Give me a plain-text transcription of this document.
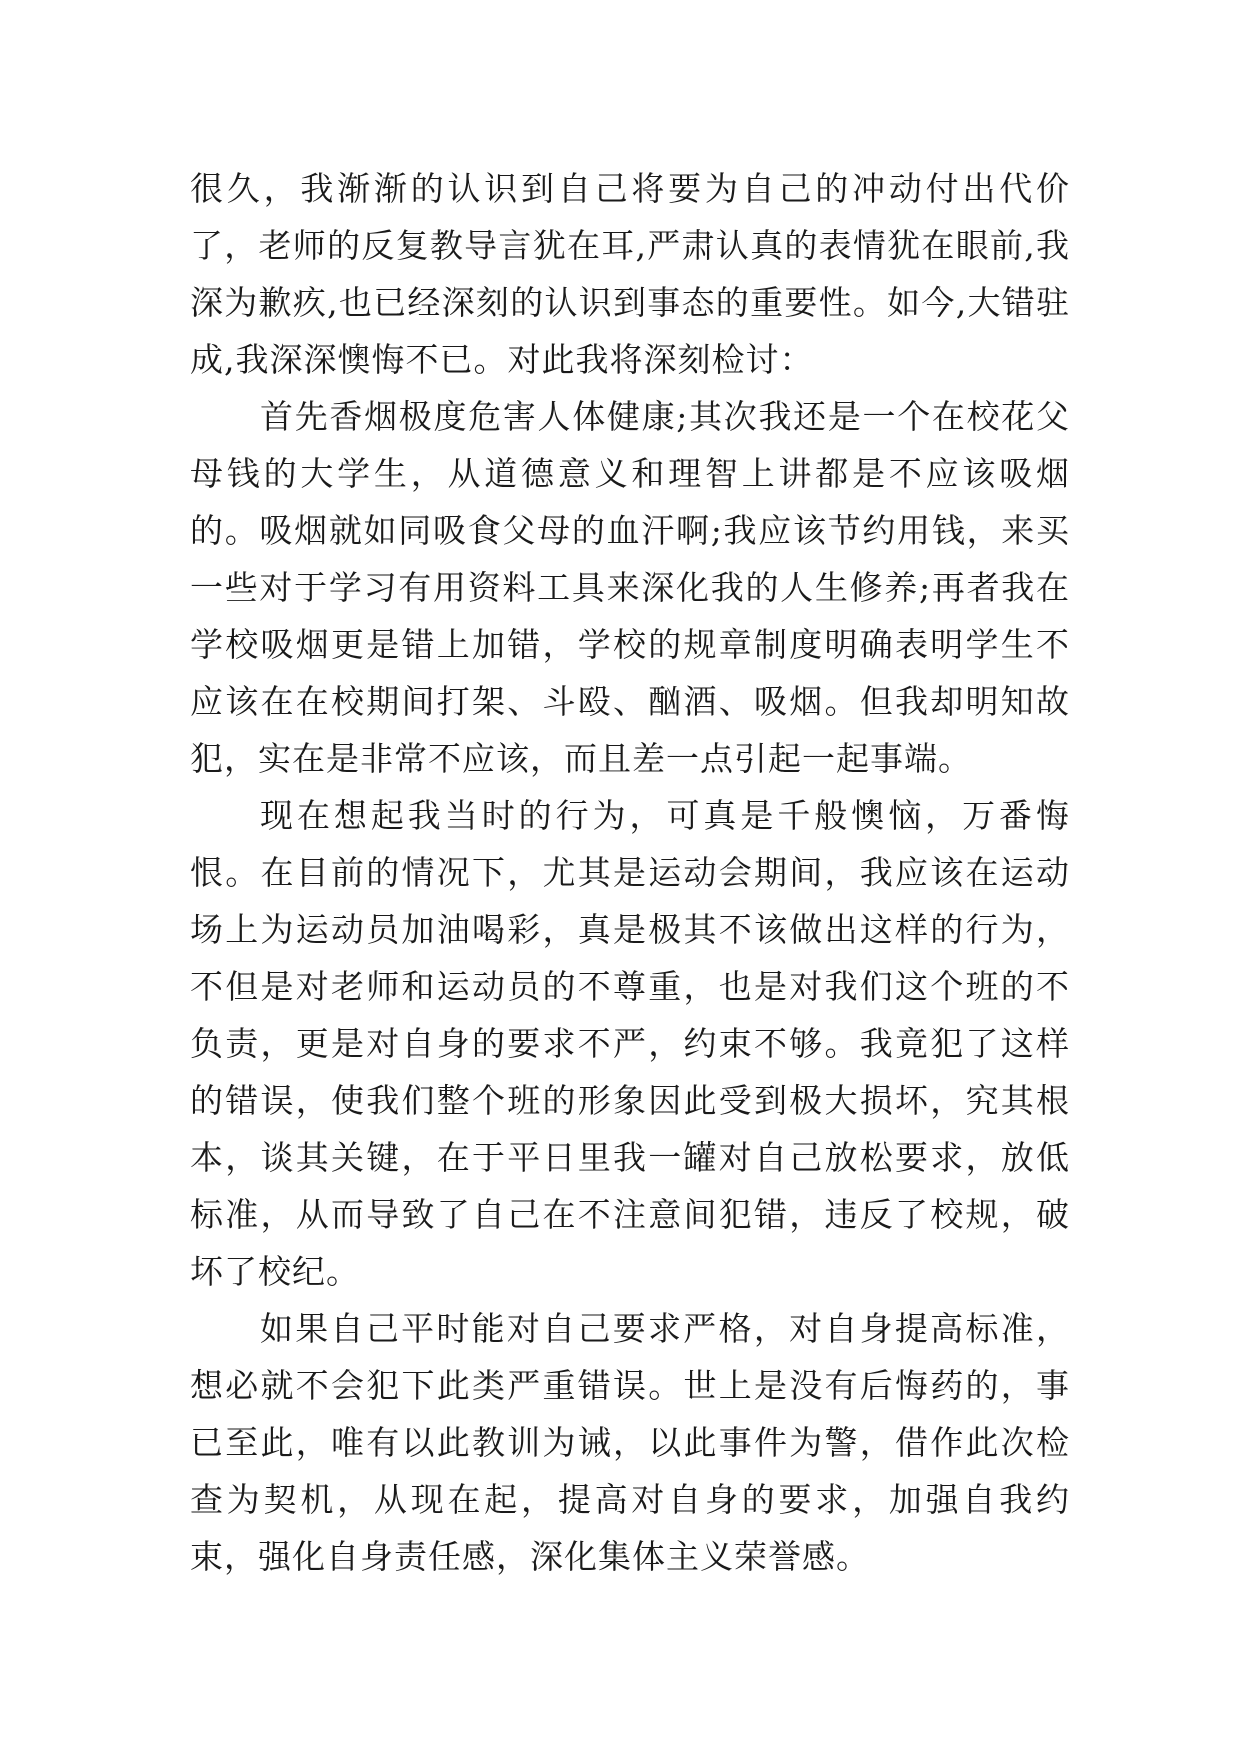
很久，我渐渐的认识到自己将要为自己的冲动付出代价了，老师的反复教导言犹在耳,严肃认真的表情犹在眼前,我深为歉疚,也已经深刻的认识到事态的重要性。如今,大错驻成,我深深懊悔不已。对此我将深刻检讨：

首先香烟极度危害人体健康;其次我还是一个在校花父母钱的大学生，从道德意义和理智上讲都是不应该吸烟的。吸烟就如同吸食父母的血汗啊;我应该节约用钱，来买一些对于学习有用资料工具来深化我的人生修养;再者我在学校吸烟更是错上加错，学校的规章制度明确表明学生不应该在在校期间打架、斗殴、酗酒、吸烟。但我却明知故犯，实在是非常不应该，而且差一点引起一起事端。

现在想起我当时的行为，可真是千般懊恼，万番悔恨。在目前的情况下，尤其是运动会期间，我应该在运动场上为运动员加油喝彩，真是极其不该做出这样的行为，不但是对老师和运动员的不尊重，也是对我们这个班的不负责，更是对自身的要求不严，约束不够。我竟犯了这样的错误，使我们整个班的形象因此受到极大损坏，究其根本，谈其关键，在于平日里我一罐对自己放松要求，放低标准，从而导致了自己在不注意间犯错，违反了校规，破坏了校纪。

如果自己平时能对自己要求严格，对自身提高标准，想必就不会犯下此类严重错误。世上是没有后悔药的，事已至此，唯有以此教训为诫，以此事件为警，借作此次检查为契机，从现在起，提高对自身的要求，加强自我约束，强化自身责任感，深化集体主义荣誉感。
